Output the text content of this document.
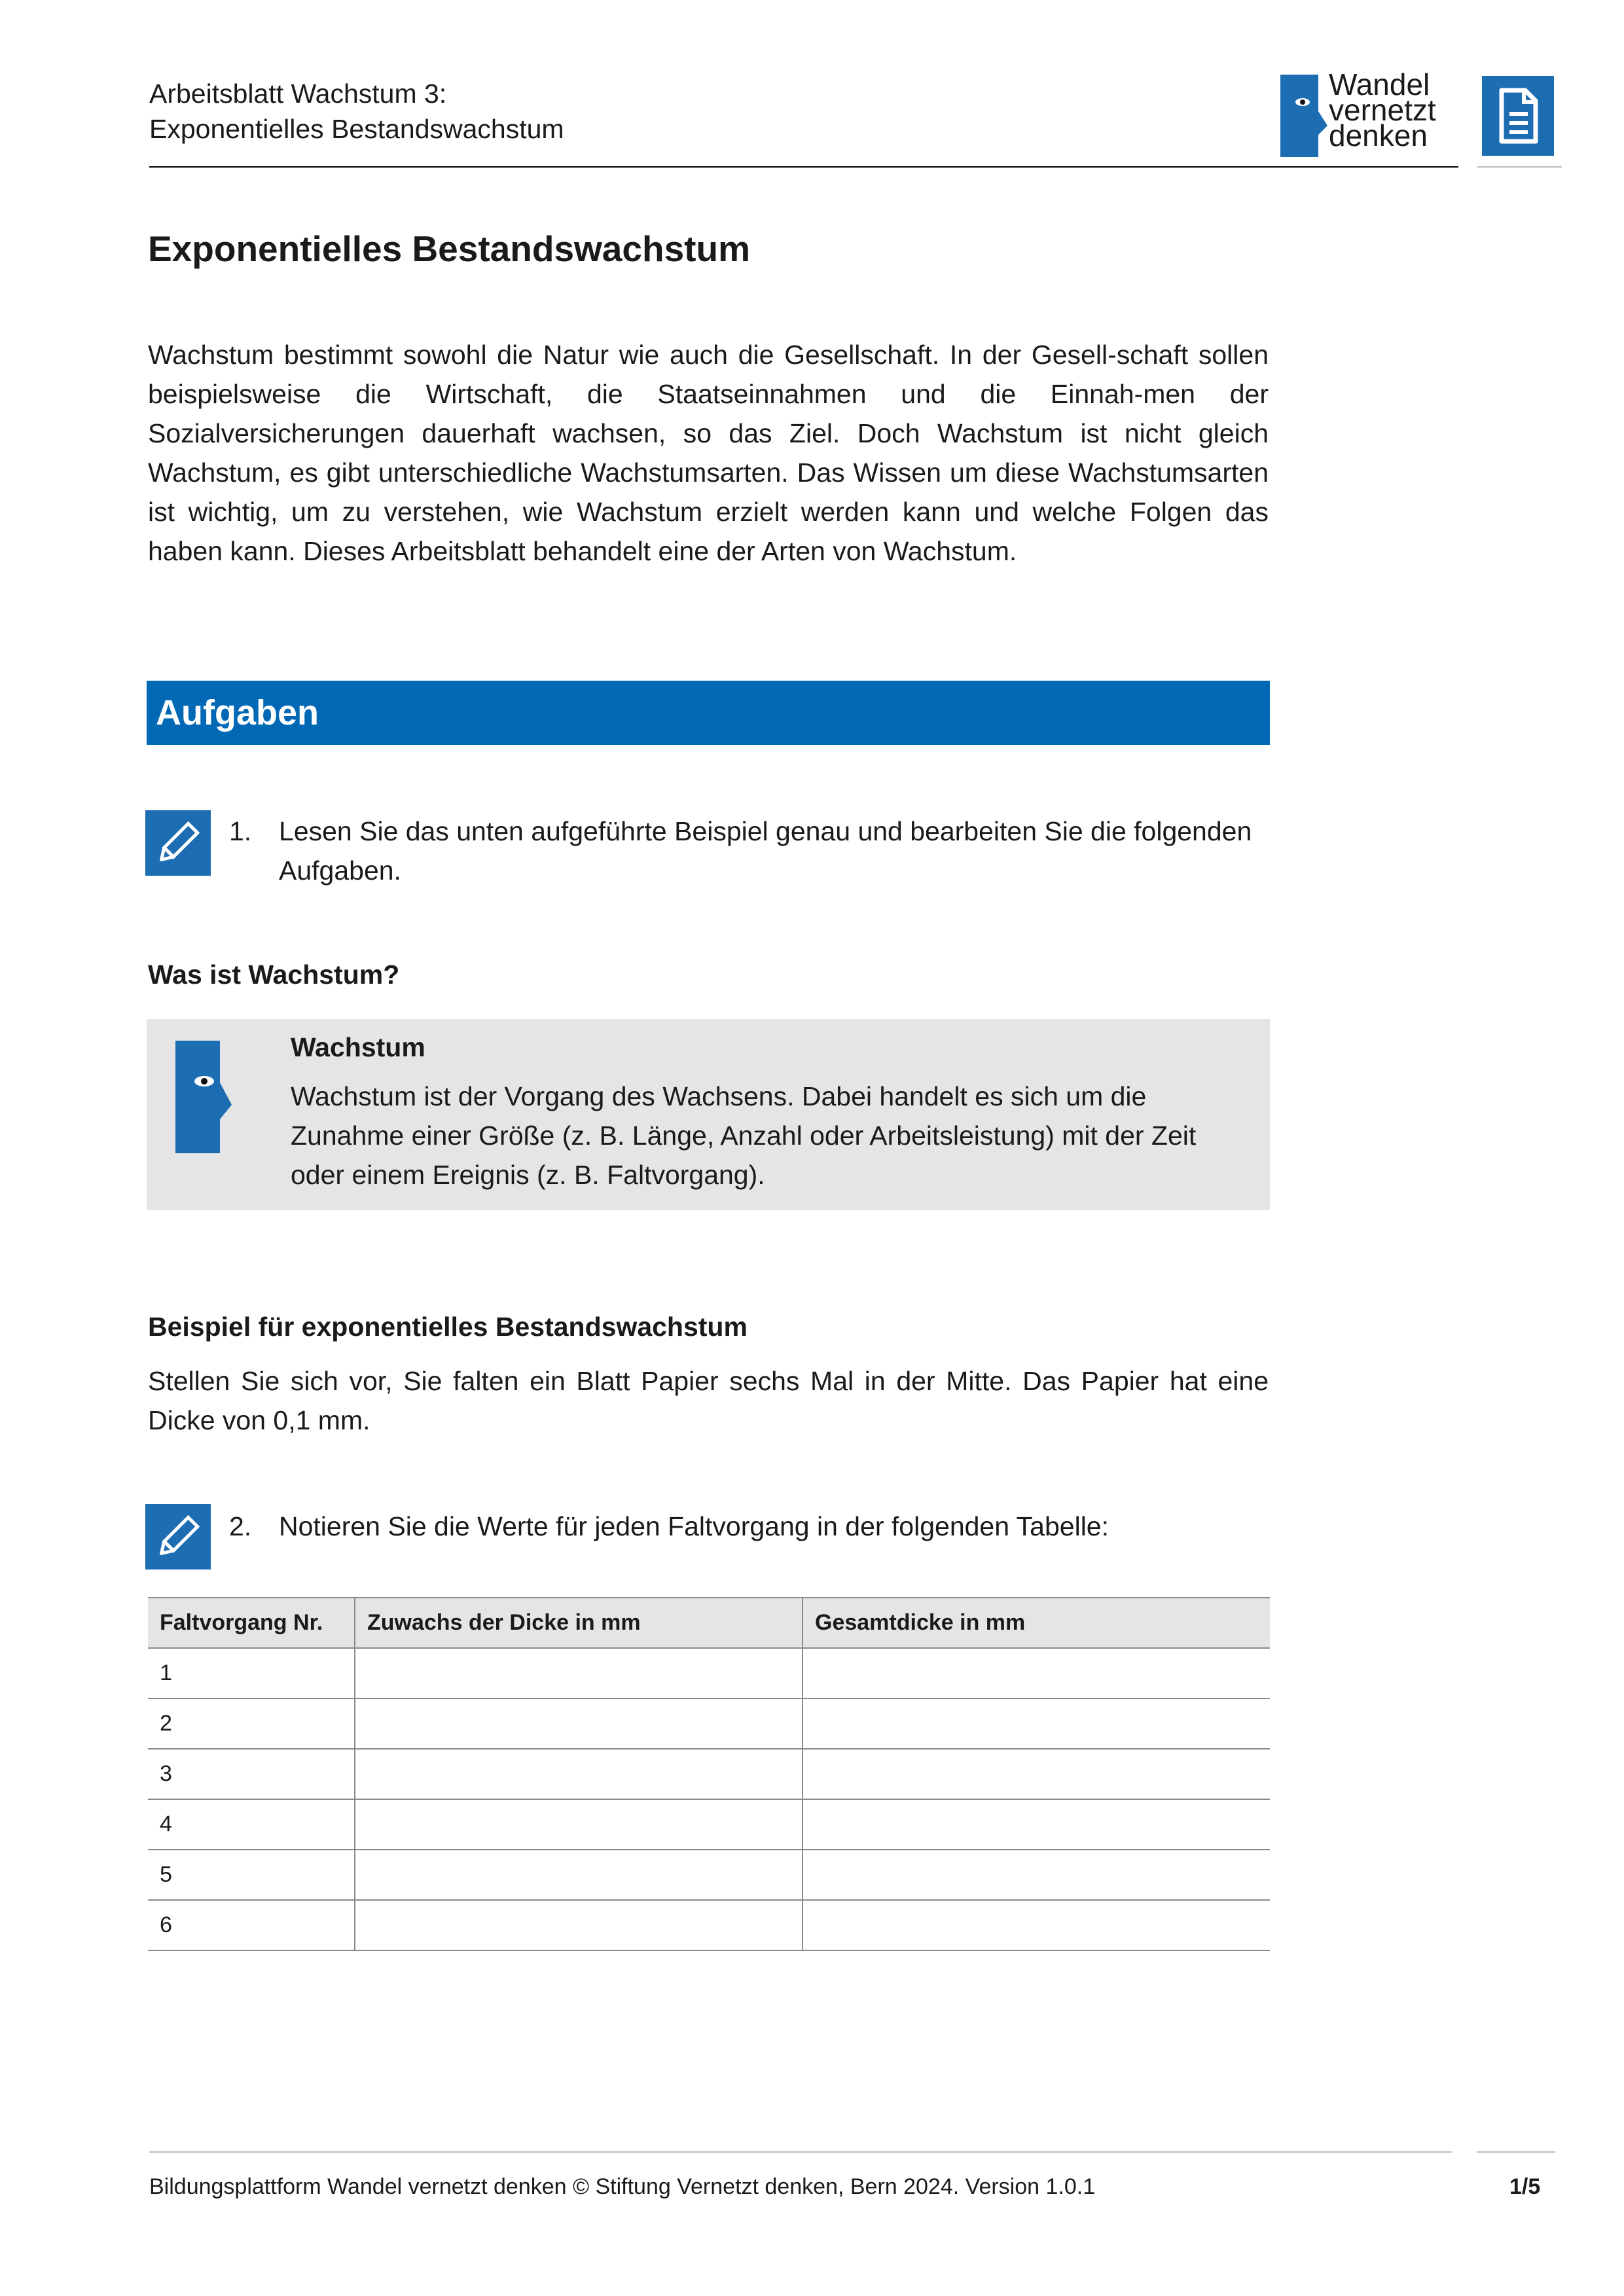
Arbeitsblatt Wachstum 3:
Exponentielles Bestandswachstum
Wandel
vernetzt
denken
Exponentielles Bestandswachstum
Wachstum bestimmt sowohl die Natur wie auch die Gesellschaft. In der Gesell-schaft sollen beispielsweise die Wirtschaft, die Staatseinnahmen und die Einnah-men der Sozialversicherungen dauerhaft wachsen, so das Ziel. Doch Wachstum ist nicht gleich Wachstum, es gibt unterschiedliche Wachstumsarten. Das Wissen um diese Wachstumsarten ist wichtig, um zu verstehen, wie Wachstum erzielt werden kann und welche Folgen das haben kann. Dieses Arbeitsblatt behandelt eine der Arten von Wachstum.
Aufgaben
1. Lesen Sie das unten aufgeführte Beispiel genau und bearbeiten Sie die folgenden Aufgaben.
Was ist Wachstum?
Wachstum
Wachstum ist der Vorgang des Wachsens. Dabei handelt es sich um die Zunahme einer Größe (z. B. Länge, Anzahl oder Arbeitsleistung) mit der Zeit oder einem Ereignis (z. B. Faltvorgang).
Beispiel für exponentielles Bestandswachstum
Stellen Sie sich vor, Sie falten ein Blatt Papier sechs Mal in der Mitte. Das Papier hat eine Dicke von 0,1 mm.
2. Notieren Sie die Werte für jeden Faltvorgang in der folgenden Tabelle:
Faltvorgang Nr.	Zuwachs der Dicke in mm	Gesamtdicke in mm
1		
2		
3		
4		
5		
6		
Bildungsplattform Wandel vernetzt denken © Stiftung Vernetzt denken, Bern 2024. Version 1.0.1	1/5
